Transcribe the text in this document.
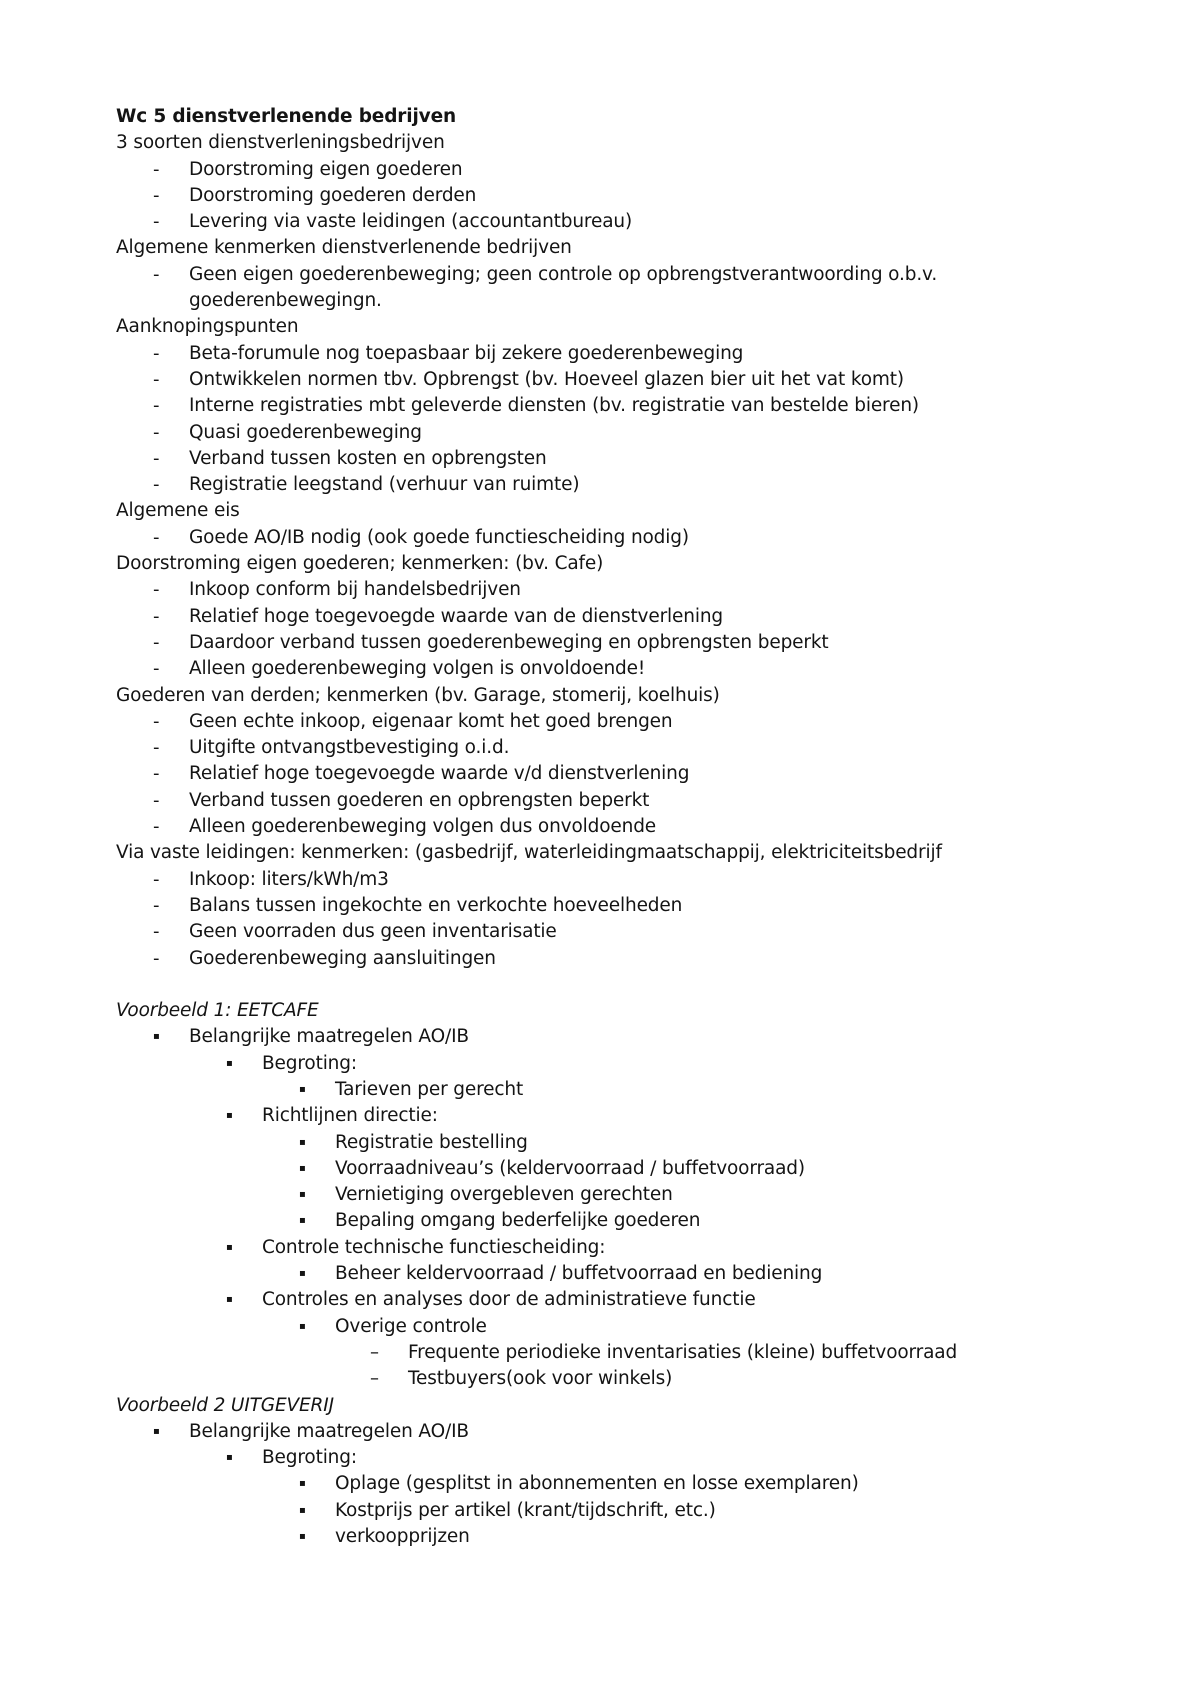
Wc 5 dienstverlenende bedrijven
3 soorten dienstverleningsbedrijven
- Doorstroming eigen goederen
- Doorstroming goederen derden
- Levering via vaste leidingen (accountantbureau)
Algemene kenmerken dienstverlenende bedrijven
- Geen eigen goederenbeweging; geen controle op opbrengstverantwoording o.b.v.
goederenbewegingn.
Aanknopingspunten
- Beta-forumule nog toepasbaar bij zekere goederenbeweging
- Ontwikkelen normen tbv. Opbrengst (bv. Hoeveel glazen bier uit het vat komt)
- Interne registraties mbt geleverde diensten (bv. registratie van bestelde bieren)
- Quasi goederenbeweging
- Verband tussen kosten en opbrengsten
- Registratie leegstand (verhuur van ruimte)
Algemene eis
- Goede AO/IB nodig (ook goede functiescheiding nodig)
Doorstroming eigen goederen; kenmerken: (bv. Cafe)
- Inkoop conform bij handelsbedrijven
- Relatief hoge toegevoegde waarde van de dienstverlening
- Daardoor verband tussen goederenbeweging en opbrengsten beperkt
- Alleen goederenbeweging volgen is onvoldoende!
Goederen van derden; kenmerken (bv. Garage, stomerij, koelhuis)
- Geen echte inkoop, eigenaar komt het goed brengen
- Uitgifte ontvangstbevestiging o.i.d.
- Relatief hoge toegevoegde waarde v/d dienstverlening
- Verband tussen goederen en opbrengsten beperkt
- Alleen goederenbeweging volgen dus onvoldoende
Via vaste leidingen: kenmerken: (gasbedrijf, waterleidingmaatschappij, elektriciteitsbedrijf
- Inkoop: liters/kWh/m3
- Balans tussen ingekochte en verkochte hoeveelheden
- Geen voorraden dus geen inventarisatie
- Goederenbeweging aansluitingen
Voorbeeld 1: EETCAFE
▪ Belangrijke maatregelen AO/IB
▪ Begroting:
▪ Tarieven per gerecht
▪ Richtlijnen directie:
▪ Registratie bestelling
▪ Voorraadniveau’s (keldervoorraad / buffetvoorraad)
▪ Vernietiging overgebleven gerechten
▪ Bepaling omgang bederfelijke goederen
▪ Controle technische functiescheiding:
▪ Beheer keldervoorraad / buffetvoorraad en bediening
▪ Controles en analyses door de administratieve functie
▪ Overige controle
– Frequente periodieke inventarisaties (kleine) buffetvoorraad
– Testbuyers(ook voor winkels)
Voorbeeld 2 UITGEVERIJ
▪ Belangrijke maatregelen AO/IB
▪ Begroting:
▪ Oplage (gesplitst in abonnementen en losse exemplaren)
▪ Kostprijs per artikel (krant/tijdschrift, etc.)
▪ verkoopprijzen
